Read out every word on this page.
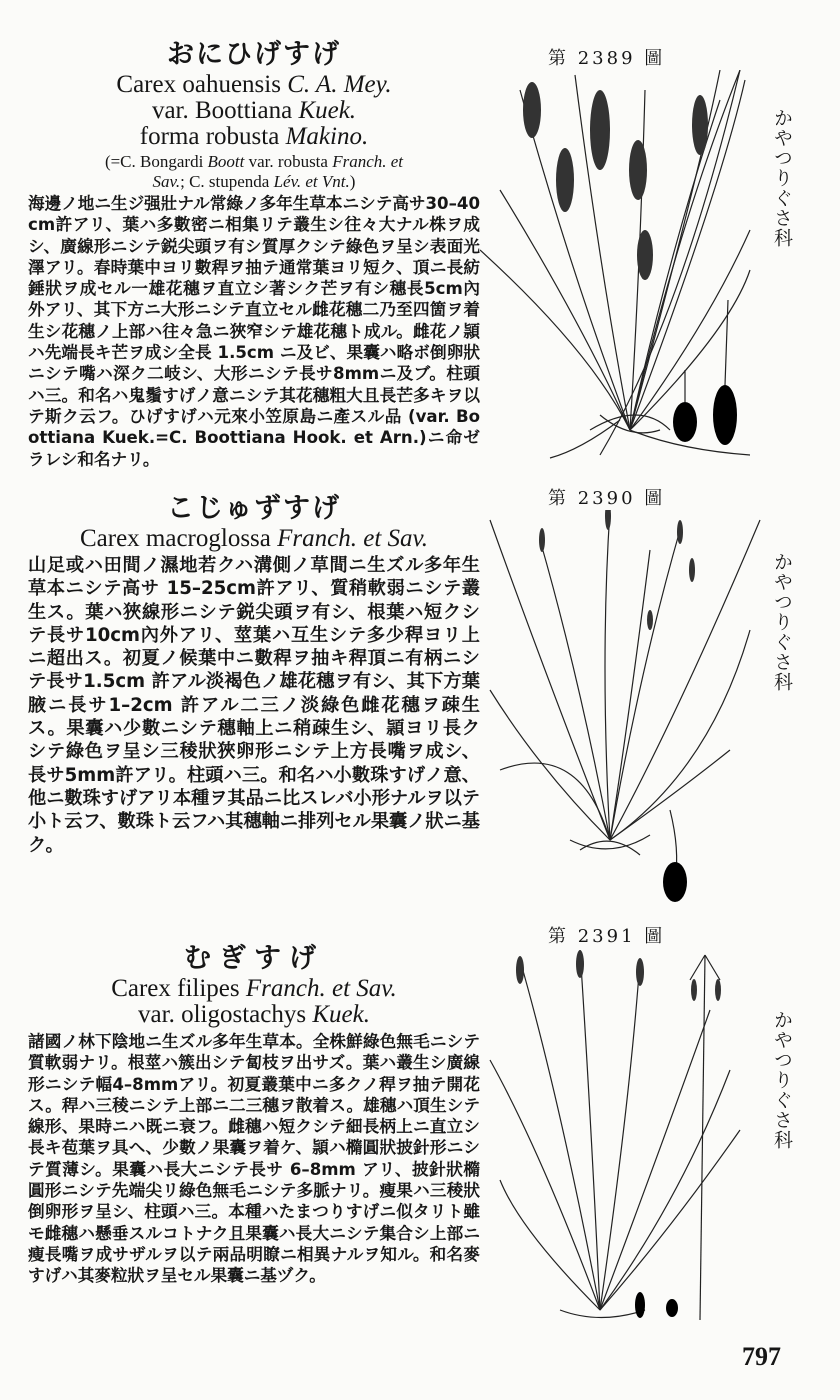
おにひげすげ
Carex oahuensis C. A. Mey.
var. Boottiana Kuek.
forma robusta Makino.
(=C. Bongardi Boott var. robusta Franch. et
Sav.; C. stupenda Lév. et Vnt.)
海邊ノ地ニ生ジ强壯ナル常綠ノ多年生草本ニシテ高サ30–40cm許アリ、葉ハ多數密ニ相集リテ叢生シ往々大ナル株ヲ成シ、廣線形ニシテ鋭尖頭ヲ有シ質厚クシテ綠色ヲ呈シ表面光澤アリ。春時葉中ヨリ數稈ヲ抽テ通常葉ヨリ短ク、頂ニ長紡錘狀ヲ成セル一雄花穗ヲ直立シ著シク芒ヲ有シ穗長5cm內外アリ、其下方ニ大形ニシテ直立セル雌花穗二乃至四箇ヲ着生シ花穗ノ上部ハ往々急ニ狹窄シテ雄花穗ト成ル。雌花ノ頴ハ先端長キ芒ヲ成シ全長 1.5cm ニ及ビ、果囊ハ略ボ倒卵狀ニシテ嘴ハ深ク二岐シ、大形ニシテ長サ8mmニ及ブ。柱頭ハ三。和名ハ鬼鬚すげノ意ニシテ其花穗粗大且長芒多キヲ以テ斯ク云フ。ひげすげハ元來小笠原島ニ產スル品 (var. Boottiana Kuek.=C. Boottiana Hook. et Arn.)ニ命ゼラレシ和名ナリ。
こじゅずすげ
Carex macroglossa Franch. et Sav.
山足或ハ田間ノ濕地若クハ溝側ノ草間ニ生ズル多年生草本ニシテ高サ 15–25cm許アリ、質稍軟弱ニシテ叢生ス。葉ハ狹線形ニシテ鋭尖頭ヲ有シ、根葉ハ短クシテ長サ10cm內外アリ、莖葉ハ互生シテ多少稈ヨリ上ニ超出ス。初夏ノ候葉中ニ數稈ヲ抽キ稈頂ニ有柄ニシテ長サ1.5cm 許アル淡褐色ノ雄花穗ヲ有シ、其下方葉腋ニ長サ1–2cm 許アル二三ノ淡綠色雌花穗ヲ疎生ス。果囊ハ少數ニシテ穗軸上ニ稍疎生シ、頴ヨリ長クシテ綠色ヲ呈シ三稜狀狹卵形ニシテ上方長嘴ヲ成シ、長サ5mm許アリ。柱頭ハ三。和名ハ小數珠すげノ意、他ニ數珠すげアリ本種ヲ其品ニ比スレバ小形ナルヲ以テ小ト云フ、數珠ト云フハ其穗軸ニ排列セル果囊ノ狀ニ基ク。
むぎすげ
Carex filipes Franch. et Sav.
var. oligostachys Kuek.
諸國ノ林下陰地ニ生ズル多年生草本。全株鮮綠色無毛ニシテ質軟弱ナリ。根莖ハ簇出シテ匐枝ヲ出サズ。葉ハ叢生シ廣線形ニシテ幅4–8mmアリ。初夏叢葉中ニ多クノ稈ヲ抽テ開花ス。稈ハ三稜ニシテ上部ニ二三穗ヲ散着ス。雄穗ハ頂生シテ線形、果時ニハ既ニ衰フ。雌穗ハ短クシテ細長柄上ニ直立シ長キ苞葉ヲ具ヘ、少數ノ果囊ヲ着ケ、頴ハ橢圓狀披針形ニシテ質薄シ。果囊ハ長大ニシテ長サ 6–8mm アリ、披針狀橢圓形ニシテ先端尖リ綠色無毛ニシテ多脈ナリ。瘦果ハ三稜狀倒卵形ヲ呈シ、柱頭ハ三。本種ハたまつりすげニ似タリト雖モ雌穗ハ懸垂スルコトナク且果囊ハ長大ニシテ集合シ上部ニ瘦長嘴ヲ成サザルヲ以テ兩品明瞭ニ相異ナルヲ知ル。和名麥すげハ其麥粒狀ヲ呈セル果囊ニ基ヅク。
第 2389 圖
第 2390 圖
第 2391 圖
かやつりぐさ科
かやつりぐさ科
かやつりぐさ科
797
